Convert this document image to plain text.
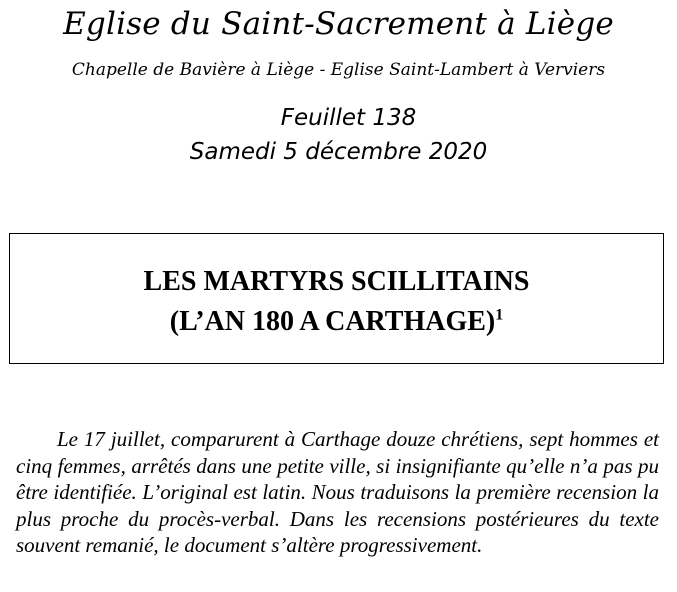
Eglise du Saint-Sacrement à Liège
Chapelle de Bavière à Liège - Eglise Saint-Lambert à Verviers
Feuillet 138
Samedi 5 décembre 2020
LES MARTYRS SCILLITAINS
(L’AN 180 A CARTHAGE)$^1$

Le 17 juillet, comparurent à Carthage douze chrétiens, sept hommes et cinq femmes, arrêtés dans une petite ville, si insignifiante qu’elle n’a pas pu être identifiée. L’original est latin. Nous traduisons la première recension la plus proche du procès-verbal. Dans les recensions postérieures du texte souvent remanié, le document s’altère progressivement.
